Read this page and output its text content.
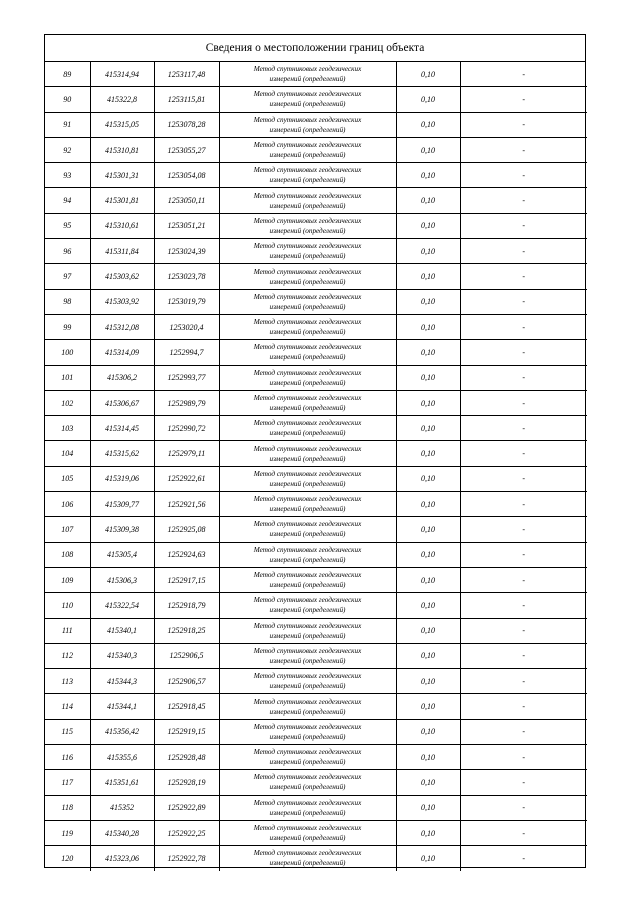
Сведения о местоположении границ объекта
89	415314,94	1253117,48	Метод спутниковых геодезических
измерений (определений)	0,10	-
90	415322,8	1253115,81	Метод спутниковых геодезических
измерений (определений)	0,10	-
91	415315,05	1253078,28	Метод спутниковых геодезических
измерений (определений)	0,10	-
92	415310,81	1253055,27	Метод спутниковых геодезических
измерений (определений)	0,10	-
93	415301,31	1253054,08	Метод спутниковых геодезических
измерений (определений)	0,10	-
94	415301,81	1253050,11	Метод спутниковых геодезических
измерений (определений)	0,10	-
95	415310,61	1253051,21	Метод спутниковых геодезических
измерений (определений)	0,10	-
96	415311,84	1253024,39	Метод спутниковых геодезических
измерений (определений)	0,10	-
97	415303,62	1253023,78	Метод спутниковых геодезических
измерений (определений)	0,10	-
98	415303,92	1253019,79	Метод спутниковых геодезических
измерений (определений)	0,10	-
99	415312,08	1253020,4	Метод спутниковых геодезических
измерений (определений)	0,10	-
100	415314,09	1252994,7	Метод спутниковых геодезических
измерений (определений)	0,10	-
101	415306,2	1252993,77	Метод спутниковых геодезических
измерений (определений)	0,10	-
102	415306,67	1252989,79	Метод спутниковых геодезических
измерений (определений)	0,10	-
103	415314,45	1252990,72	Метод спутниковых геодезических
измерений (определений)	0,10	-
104	415315,62	1252979,11	Метод спутниковых геодезических
измерений (определений)	0,10	-
105	415319,06	1252922,61	Метод спутниковых геодезических
измерений (определений)	0,10	-
106	415309,77	1252921,56	Метод спутниковых геодезических
измерений (определений)	0,10	-
107	415309,38	1252925,08	Метод спутниковых геодезических
измерений (определений)	0,10	-
108	415305,4	1252924,63	Метод спутниковых геодезических
измерений (определений)	0,10	-
109	415306,3	1252917,15	Метод спутниковых геодезических
измерений (определений)	0,10	-
110	415322,54	1252918,79	Метод спутниковых геодезических
измерений (определений)	0,10	-
111	415340,1	1252918,25	Метод спутниковых геодезических
измерений (определений)	0,10	-
112	415340,3	1252906,5	Метод спутниковых геодезических
измерений (определений)	0,10	-
113	415344,3	1252906,57	Метод спутниковых геодезических
измерений (определений)	0,10	-
114	415344,1	1252918,45	Метод спутниковых геодезических
измерений (определений)	0,10	-
115	415356,42	1252919,15	Метод спутниковых геодезических
измерений (определений)	0,10	-
116	415355,6	1252928,48	Метод спутниковых геодезических
измерений (определений)	0,10	-
117	415351,61	1252928,19	Метод спутниковых геодезических
измерений (определений)	0,10	-
118	415352	1252922,89	Метод спутниковых геодезических
измерений (определений)	0,10	-
119	415340,28	1252922,25	Метод спутниковых геодезических
измерений (определений)	0,10	-
120	415323,06	1252922,78	Метод спутниковых геодезических
измерений (определений)	0,10	-
